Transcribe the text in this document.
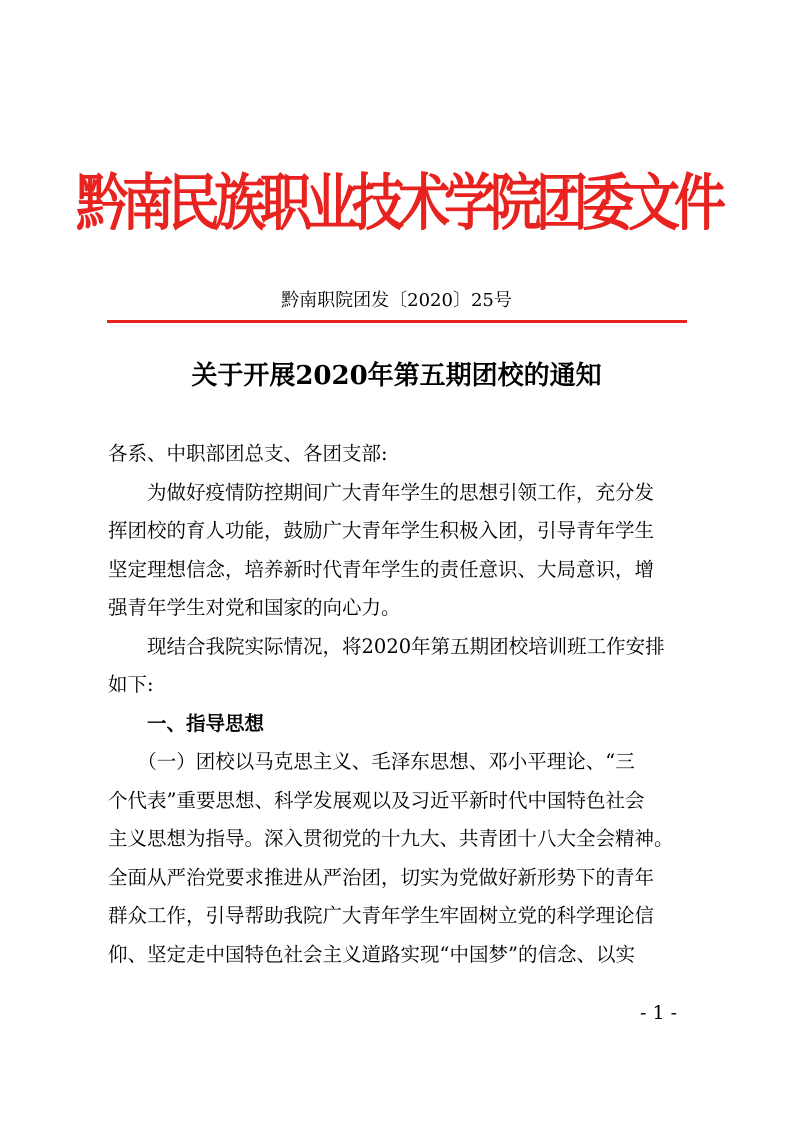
黔南民族职业技术学院团委文件
黔南职院团发〔2020〕25号
关于开展2020年第五期团校的通知
各系、中职部团总支、各团支部:
　　为做好疫情防控期间广大青年学生的思想引领工作，充分发
挥团校的育人功能，鼓励广大青年学生积极入团，引导青年学生
坚定理想信念，培养新时代青年学生的责任意识、大局意识，增
强青年学生对党和国家的向心力。
　　现结合我院实际情况，将2020年第五期团校培训班工作安排
如下:
　　一、指导思想
　　（一）团校以马克思主义、毛泽东思想、邓小平理论、“三
个代表”重要思想、科学发展观以及习近平新时代中国特色社会
主义思想为指导。深入贯彻党的十九大、共青团十八大全会精神。
全面从严治党要求推进从严治团，切实为党做好新形势下的青年
群众工作，引导帮助我院广大青年学生牢固树立党的科学理论信
仰、坚定走中国特色社会主义道路实现“中国梦”的信念、以实
- 1 -
